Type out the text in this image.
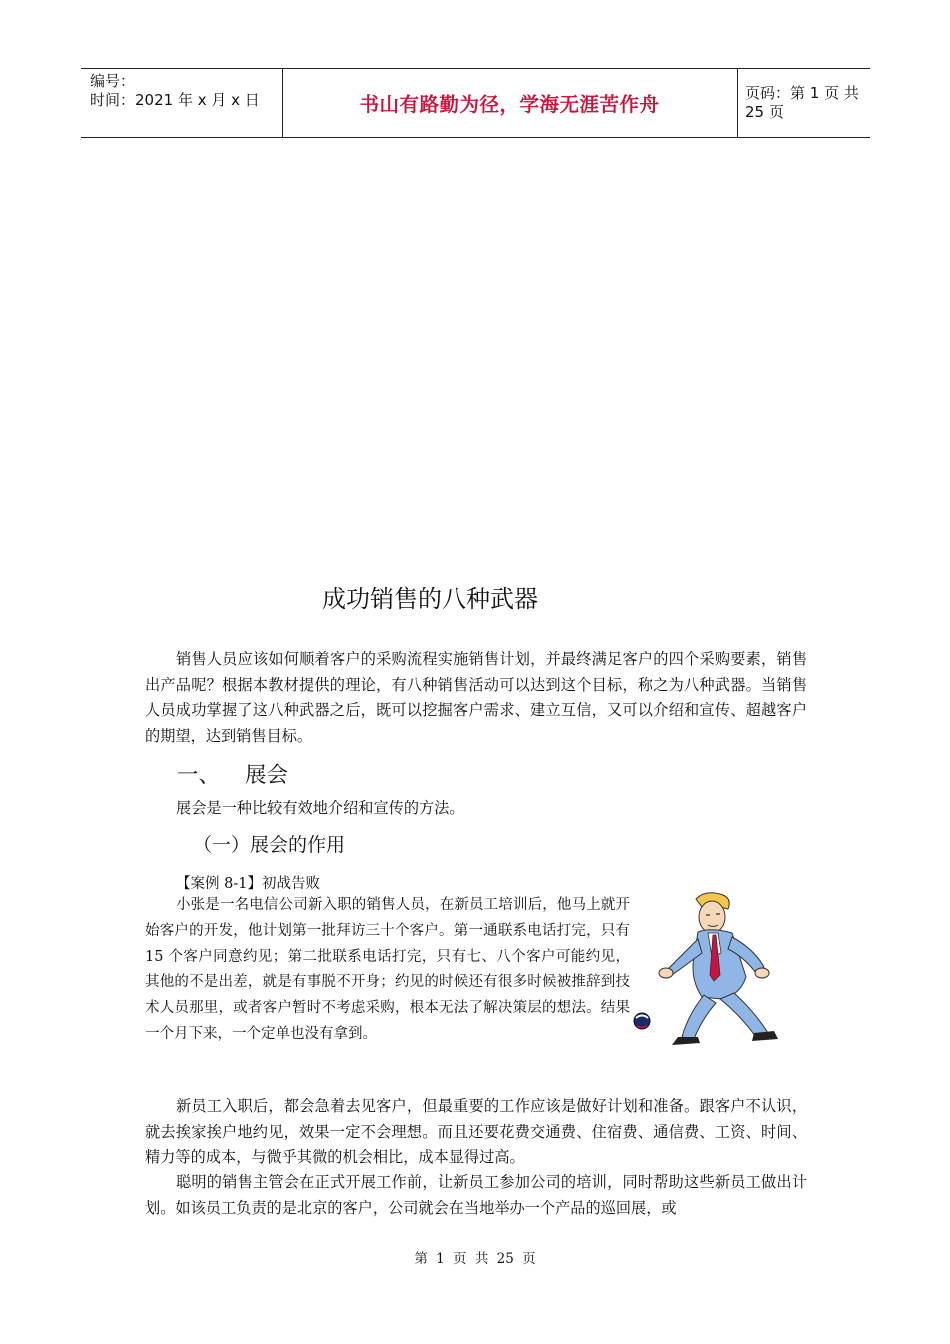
编号：
时间：2021 年 x 月 x 日	书山有路勤为径，学海无涯苦作舟	页码：第 1 页 共 25 页
成功销售的八种武器

销售人员应该如何顺着客户的采购流程实施销售计划，并最终满足客户的四个采购要素，销售出产品呢？根据本教材提供的理论，有八种销售活动可以达到这个目标，称之为八种武器。当销售人员成功掌握了这八种武器之后，既可以挖掘客户需求、建立互信，又可以介绍和宣传、超越客户的期望，达到销售目标。

一、 展会

展会是一种比较有效地介绍和宣传的方法。

（一）展会的作用
【案例 8-1】初战告败

小张是一名电信公司新入职的销售人员，在新员工培训后，他马上就开始客户的开发，他计划第一批拜访三十个客户。第一通联系电话打完，只有 15 个客户同意约见；第二批联系电话打完，只有七、八个客户可能约见，其他的不是出差，就是有事脱不开身；约见的时候还有很多时候被推辞到技术人员那里，或者客户暂时不考虑采购，根本无法了解决策层的想法。结果一个月下来，一个定单也没有拿到。

新员工入职后，都会急着去见客户，但最重要的工作应该是做好计划和准备。跟客户不认识，就去挨家挨户地约见，效果一定不会理想。而且还要花费交通费、住宿费、通信费、工资、时间、精力等的成本，与微乎其微的机会相比，成本显得过高。

聪明的销售主管会在正式开展工作前，让新员工参加公司的培训，同时帮助这些新员工做出计划。如该员工负责的是北京的客户，公司就会在当地举办一个产品的巡回展，或

第 1 页 共 25 页
